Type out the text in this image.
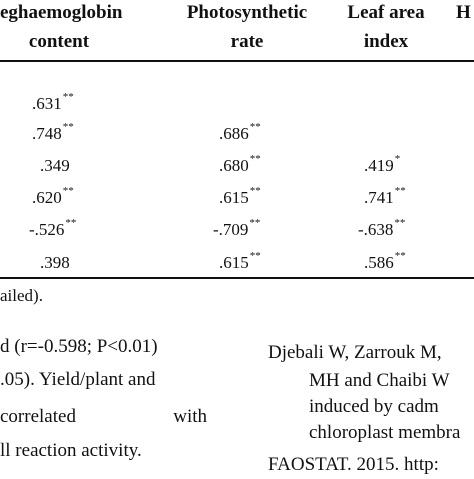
eghaemoglobin
content
Photosynthetic
rate
Leaf area
index
H
.631**
.748**
.349
.620**
-.526**
.398
.686**
.680**
.615**
-.709**
.615**
.419*
.741**
-.638**
.586**
ailed).
d (r=-0.598; P<0.01)
.05). Yield/plant and
correlated	with
ll reaction activity.
Djebali W, Zarrouk M,
MH and Chaibi W
induced by cadm
chloroplast membra
FAOSTAT. 2015. http:
